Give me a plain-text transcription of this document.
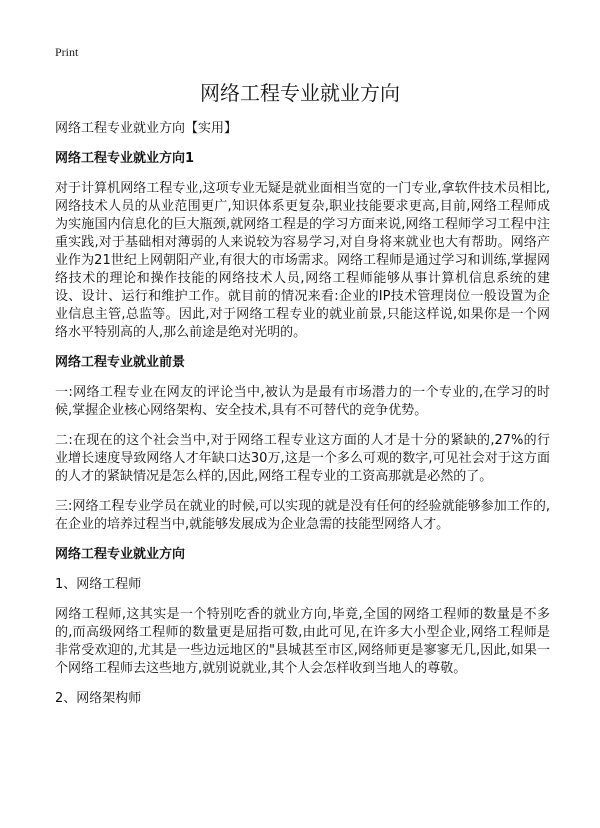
Print
网络工程专业就业方向

网络工程专业就业方向【实用】

网络工程专业就业方向1

对于计算机网络工程专业,这项专业无疑是就业面相当宽的一门专业,拿软件技术员相比,网络技术人员的从业范围更广,知识体系更复杂,职业技能要求更高,目前,网络工程师成为实施国内信息化的巨大瓶颈,就网络工程是的学习方面来说,网络工程师学习工程中注重实践,对于基础相对薄弱的人来说较为容易学习,对自身将来就业也大有帮助。网络产业作为21世纪上网朝阳产业,有很大的市场需求。网络工程师是通过学习和训练,掌握网络技术的理论和操作技能的网络技术人员,网络工程师能够从事计算机信息系统的建设、设计、运行和维护工作。就目前的情况来看:企业的IP技术管理岗位一般设置为企业信息主管,总监等。因此,对于网络工程专业的就业前景,只能这样说,如果你是一个网络水平特别高的人,那么前途是绝对光明的。

网络工程专业就业前景

一:网络工程专业在网友的评论当中,被认为是最有市场潜力的一个专业的,在学习的时候,掌握企业核心网络架构、安全技术,具有不可替代的竞争优势。

二:在现在的这个社会当中,对于网络工程专业这方面的人才是十分的紧缺的,27%的行业增长速度导致网络人才年缺口达30万,这是一个多么可观的数字,可见社会对于这方面的人才的紧缺情况是怎么样的,因此,网络工程专业的工资高那就是必然的了。

三:网络工程专业学员在就业的时候,可以实现的就是没有任何的经验就能够参加工作的,在企业的培养过程当中,就能够发展成为企业急需的技能型网络人才。

网络工程专业就业方向

1、网络工程师

网络工程师,这其实是一个特别吃香的就业方向,毕竟,全国的网络工程师的数量是不多的,而高级网络工程师的数量更是屈指可数,由此可见,在许多大小型企业,网络工程师是非常受欢迎的,尤其是一些边远地区的"县城甚至市区,网络师更是寥寥无几,因此,如果一个网络工程师去这些地方,就别说就业,其个人会怎样收到当地人的尊敬。

2、网络架构师
